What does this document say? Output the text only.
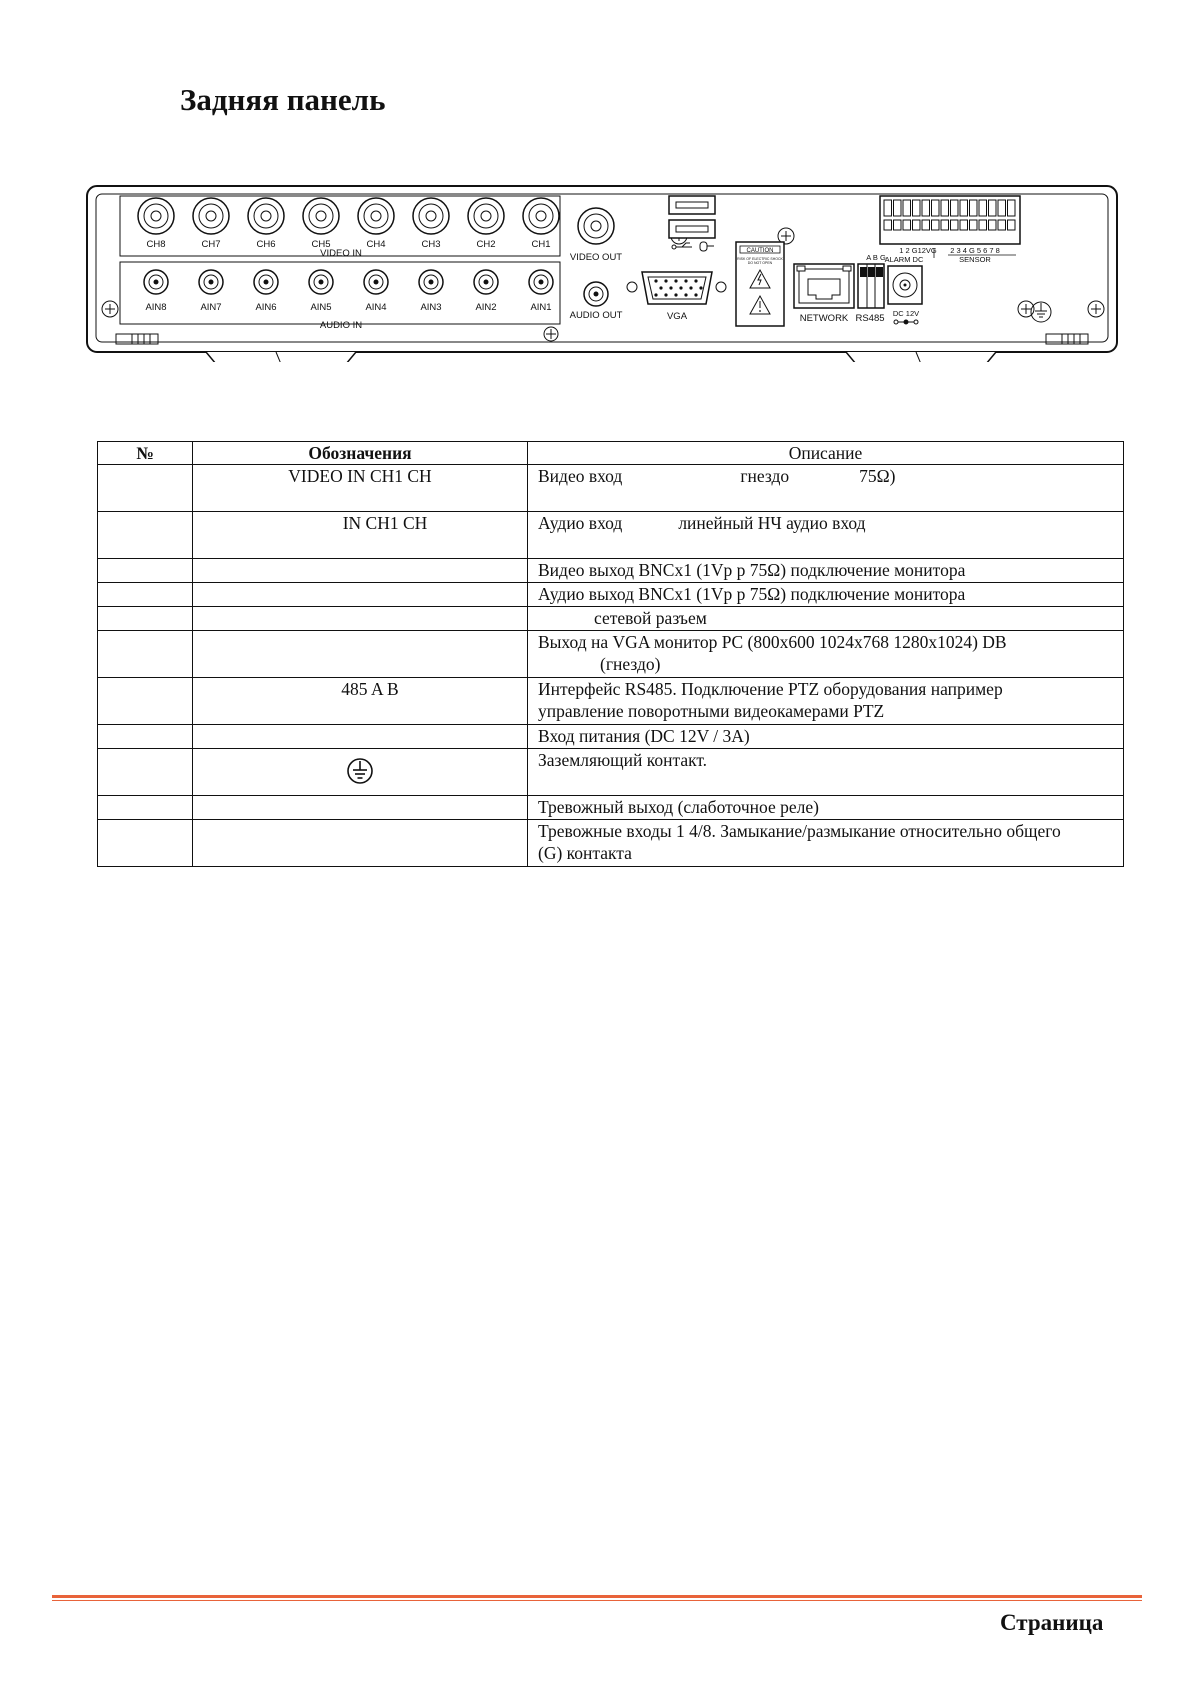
Задняя панель
CH8	CH7	CH6	CH5	CH4	CH3	CH2	CH1
AIN8	AIN7	AIN6	AIN5	AIN4	AIN3	AIN2	AIN1
VIDEO OUT
AUDIO OUT
VIDEO IN
AUDIO IN
VGA
CAUTION
RISK OF ELECTRIC SHOCK
DO NOT OPEN
NETWORK
A B G
RS485 DC 12V
1 2 G12VG
ALARM DC
2 3 4 G 5 6 7 8
SENSOR
№	Обозначения	Описание
	VIDEO IN CH1 CH	Видео вход гнездо 75Ω)
	IN CH1 CH	Аудио вход линейный НЧ аудио вход
		Видео выход BNCx1 (1Vp p 75Ω) подключение монитора
		Аудио выход BNCx1 (1Vp p 75Ω) подключение монитора
		сетевой разъем

		Выход на VGA монитор PC (800x600 1024x768 1280x1024) DB
(гнездо)

	485 A B	Интерфейс RS485. Подключение PTZ оборудования например
управление поворотными видеокамерами PTZ

		Вход питания (DC 12V / 3A)
		Заземляющий контакт.
		Тревожный выход (слаботочное реле)

		Тревожные входы 1 4/8. Замыкание/размыкание относительно общего
(G) контакта
Страница
